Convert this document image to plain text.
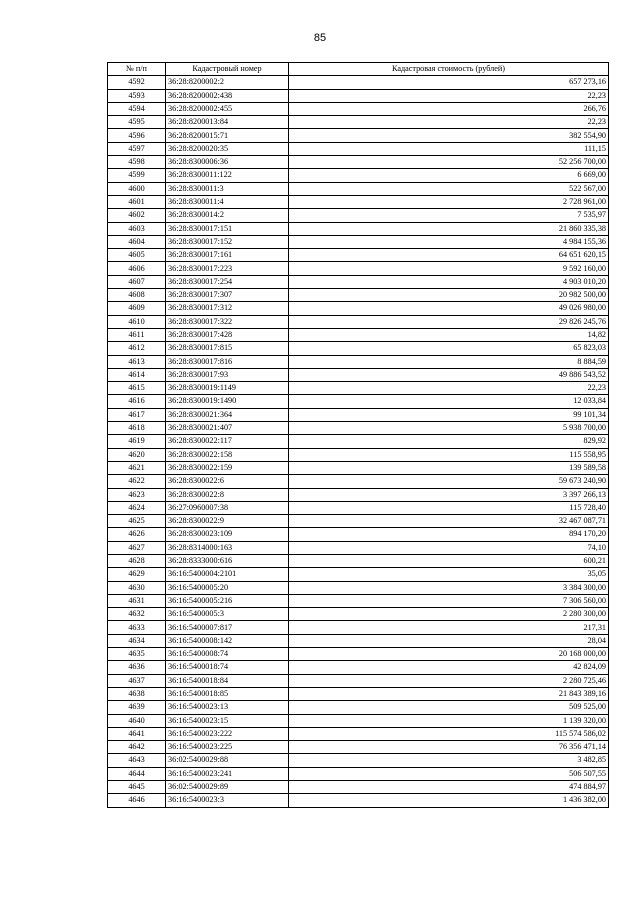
85
№ п/п	Кадастровый номер	Кадастровая стоимость (рублей)
4592	36:28:8200002:2	657 273,16
4593	36:28:8200002:438	22,23
4594	36:28:8200002:455	266,76
4595	36:28:8200013:84	22,23
4596	36:28:8200015:71	382 554,90
4597	36:28:8200020:35	111,15
4598	36:28:8300006:36	52 256 700,00
4599	36:28:8300011:122	6 669,00
4600	36:28:8300011:3	522 567,00
4601	36:28:8300011:4	2 728 961,00
4602	36:28:8300014:2	7 535,97
4603	36:28:8300017:151	21 860 335,38
4604	36:28:8300017:152	4 984 155,36
4605	36:28:8300017:161	64 651 620,15
4606	36:28:8300017:223	9 592 160,00
4607	36:28:8300017:254	4 903 010,20
4608	36:28:8300017:307	20 982 500,00
4609	36:28:8300017:312	49 026 980,00
4610	36:28:8300017:322	29 826 245,76
4611	36:28:8300017:428	14,82
4612	36:28:8300017:815	65 823,03
4613	36:28:8300017:816	8 884,59
4614	36:28:8300017:93	49 886 543,52
4615	36:28:8300019:1149	22,23
4616	36:28:8300019:1490	12 033,84
4617	36:28:8300021:364	99 101,34
4618	36:28:8300021:407	5 938 700,00
4619	36:28:8300022:117	829,92
4620	36:28:8300022:158	115 558,95
4621	36:28:8300022:159	139 589,58
4622	36:28:8300022:6	59 673 240,90
4623	36:28:8300022:8	3 397 266,13
4624	36:27:0960007:38	115 728,40
4625	36:28:8300022:9	32 467 087,71
4626	36:28:8300023:109	894 170,20
4627	36:28:8314000:163	74,10
4628	36:28:8333000:616	600,21
4629	36:16:5400004:2101	35,05
4630	36:16:5400005:20	3 384 300,00
4631	36:16:5400005:216	7 306 560,00
4632	36:16:5400005:3	2 280 300,00
4633	36:16:5400007:817	217,31
4634	36:16:5400008:142	28,04
4635	36:16:5400008:74	20 168 000,00
4636	36:16:5400018:74	42 824,09
4637	36:16:5400018:84	2 280 725,46
4638	36:16:5400018:85	21 843 389,16
4639	36:16:5400023:13	509 525,00
4640	36:16:5400023:15	1 139 320,00
4641	36:16:5400023:222	115 574 586,02
4642	36:16:5400023:225	76 356 471,14
4643	36:02:5400029:88	3 482,85
4644	36:16:5400023:241	506 507,55
4645	36:02:5400029:89	474 884,97
4646	36:16:5400023:3	1 436 382,00
